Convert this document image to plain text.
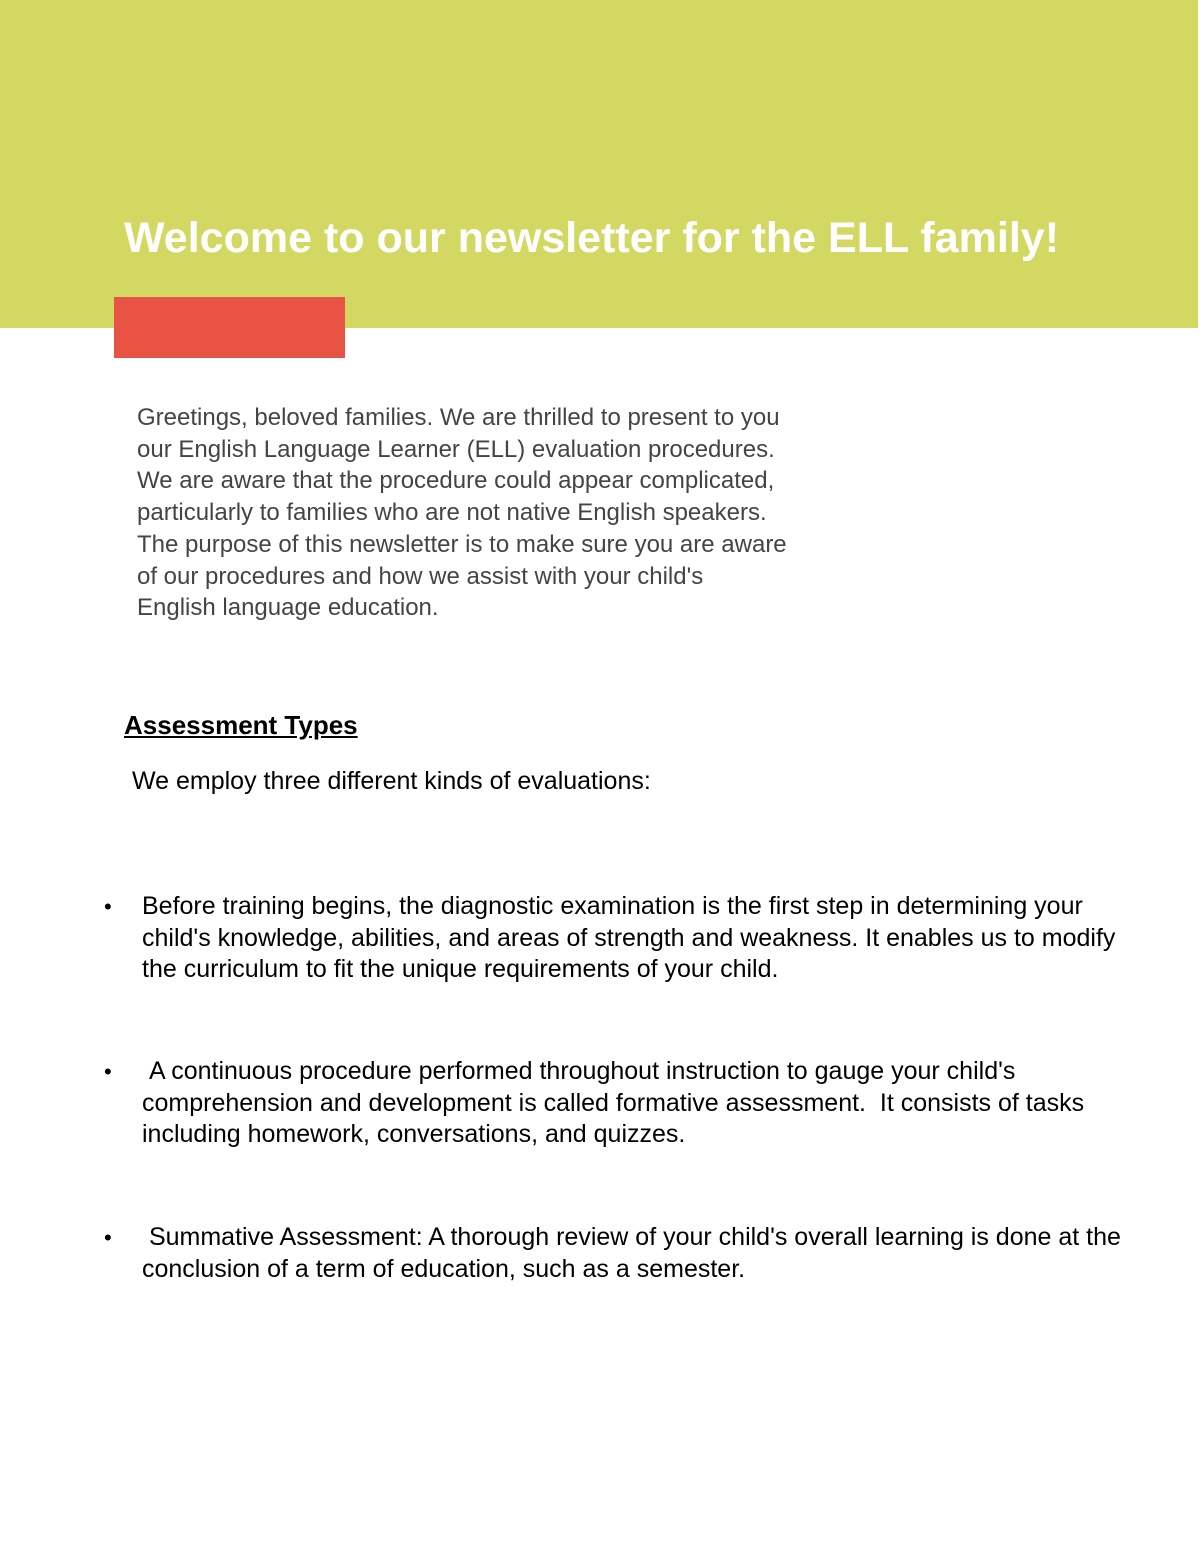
Welcome to our newsletter for the ELL family!

Greetings, beloved families. We are thrilled to present to you our English Language Learner (ELL) evaluation procedures. We are aware that the procedure could appear complicated, particularly to families who are not native English speakers. The purpose of this newsletter is to make sure you are aware of our procedures and how we assist with your child's English language education.

Assessment Types

We employ three different kinds of evaluations:

• Before training begins, the diagnostic examination is the first step in determining your child's knowledge, abilities, and areas of strength and weakness. It enables us to modify the curriculum to fit the unique requirements of your child.

• A continuous procedure performed throughout instruction to gauge your child's comprehension and development is called formative assessment.  It consists of tasks including homework, conversations, and quizzes.

• Summative Assessment: A thorough review of your child's overall learning is done at the conclusion of a term of education, such as a semester.
